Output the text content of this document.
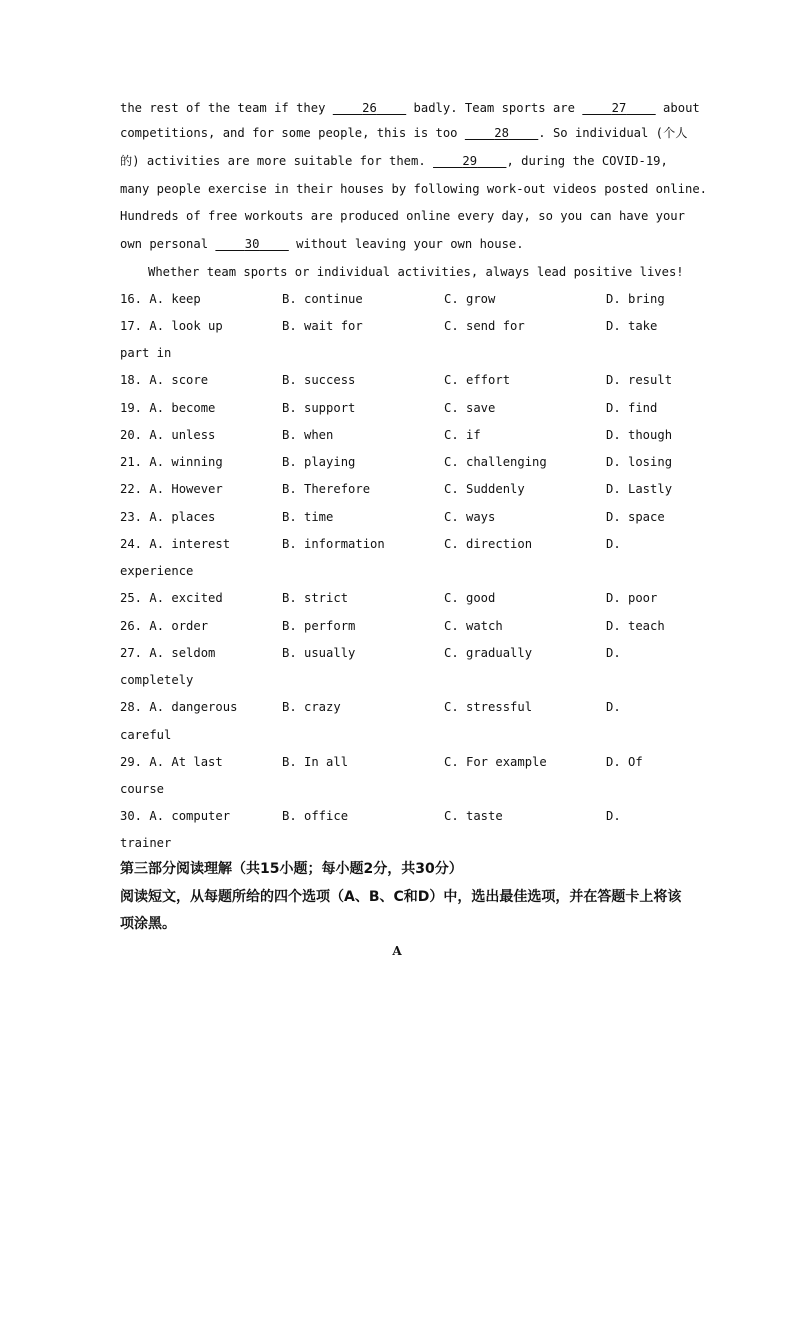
the rest of the team if they     26     badly. Team sports are     27     about
competitions, and for some people, this is too     28 . So individual (个人
的) activities are more suitable for them.     29 , during the COVID-19,
many people exercise in their houses by following work-out videos posted online.
Hundreds of free workouts are produced online every day, so you can have your
own personal     30     without leaving your own house.
Whether team sports or individual activities, always lead positive lives!

16. A. keep

	B. continue

	C. grow

	D. bring

17. A. look up

	B. wait for

	C. send for

	D. take

part in

18. A. score

	B. success

	C. effort

	D. result

19. A. become

	B. support

	C. save

	D. find

20. A. unless

	B. when

	C. if

	D. though

21. A. winning

	B. playing

	C. challenging

	D. losing

22. A. However

	B. Therefore

	C. Suddenly

	D. Lastly

23. A. places

	B. time

	C. ways

	D. space

24. A. interest

	B. information

	C. direction

	D.

experience

25. A. excited

	B. strict

	C. good

	D. poor

26. A. order

	B. perform

	C. watch

	D. teach

27. A. seldom

	B. usually

	C. gradually

	D.

completely

28. A. dangerous

	B. crazy

	C. stressful

	D.

careful

29. A. At last

	B. In all

	C. For example

	D. Of

course

30. A. computer

	B. office

	C. taste

	D.

trainer

第三部分阅读理解（共15小题；每小题2分，共30分）
阅读短文，从每题所给的四个选项（A、B、C和D）中，选出最佳选项，并在答题卡上将该
项涂黑。
A
